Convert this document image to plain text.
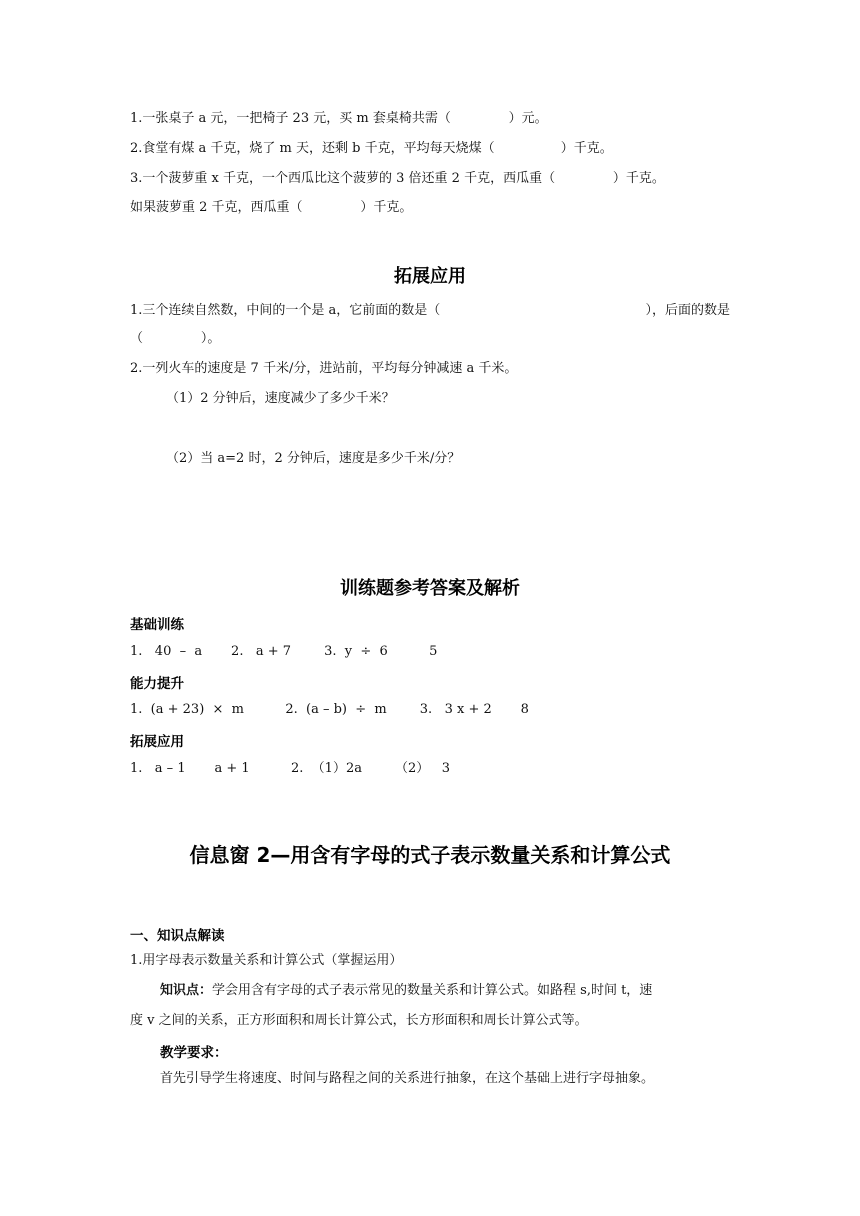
1.一张桌子 a 元，一把椅子 23 元，买 m 套桌椅共需（              ）元。
2.食堂有煤 a 千克，烧了 m 天，还剩 b 千克，平均每天烧煤（                ）千克。
3.一个菠萝重 x 千克，一个西瓜比这个菠萝的 3 倍还重 2 千克，西瓜重（              ）千克。
如果菠萝重 2 千克，西瓜重（              ）千克。
拓展应用
1.三个连续自然数，中间的一个是 a，它前面的数是（	），后面的数是
（              ）。
2.一列火车的速度是 7 千米/分，进站前，平均每分钟减速 a 千米。
（1）2 分钟后，速度减少了多少千米？
（2）当 a=2 时，2 分钟后，速度是多少千米/分？
训练题参考答案及解析
基础训练
1.   40  –  a       2.   a + 7        3.  y  ÷  6          5
能力提升
1.  (a + 23)  ×  m          2.  (a – b)  ÷  m        3.   3 x + 2       8
拓展应用
1.   a – 1       a + 1          2.  （1）2a        （2）   3
信息窗 2—用含有字母的式子表示数量关系和计算公式
一、知识点解读
1.用字母表示数量关系和计算公式（掌握运用）
知识点：学会用含有字母的式子表示常见的数量关系和计算公式。如路程 s,时间 t，速
度 v 之间的关系，正方形面积和周长计算公式，长方形面积和周长计算公式等。
教学要求：
首先引导学生将速度、时间与路程之间的关系进行抽象，在这个基础上进行字母抽象。
